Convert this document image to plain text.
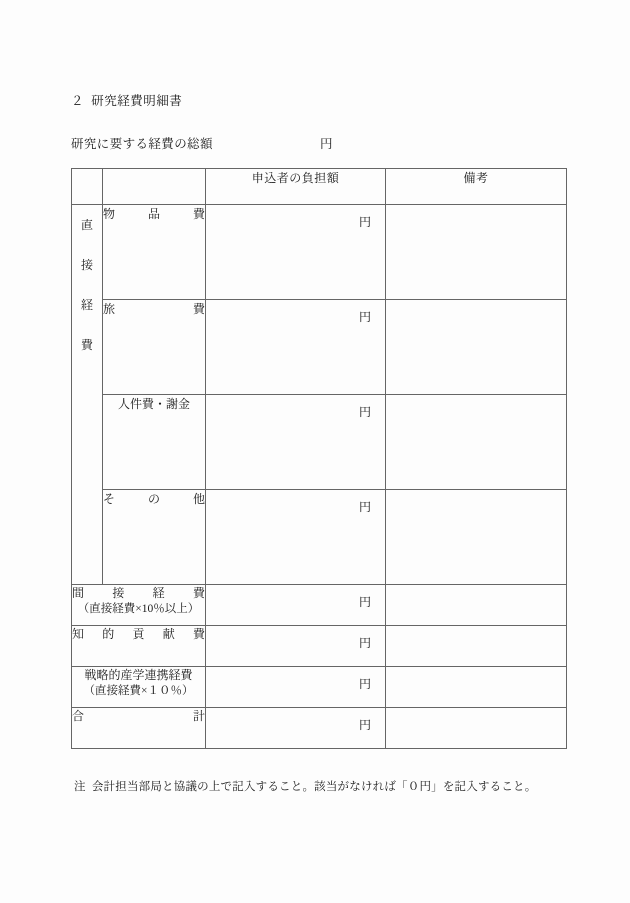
２  研究経費明細書
研究に要する経費の総額	円
		申込者の負担額	備考

直
接
経
費	物 品 費	円	

	旅 費	円	

	人件費・謝金	円	

	そ の 他	円	

間 接 経 費
（直接経費×10％以上）		円	

知 的 貢 献 費		円	

戦略的産学連携経費
（直接経費×１０％）		円	

合 計		円	

注  会計担当部局と協議の上で記入すること。該当がなければ「０円」を記入すること。
